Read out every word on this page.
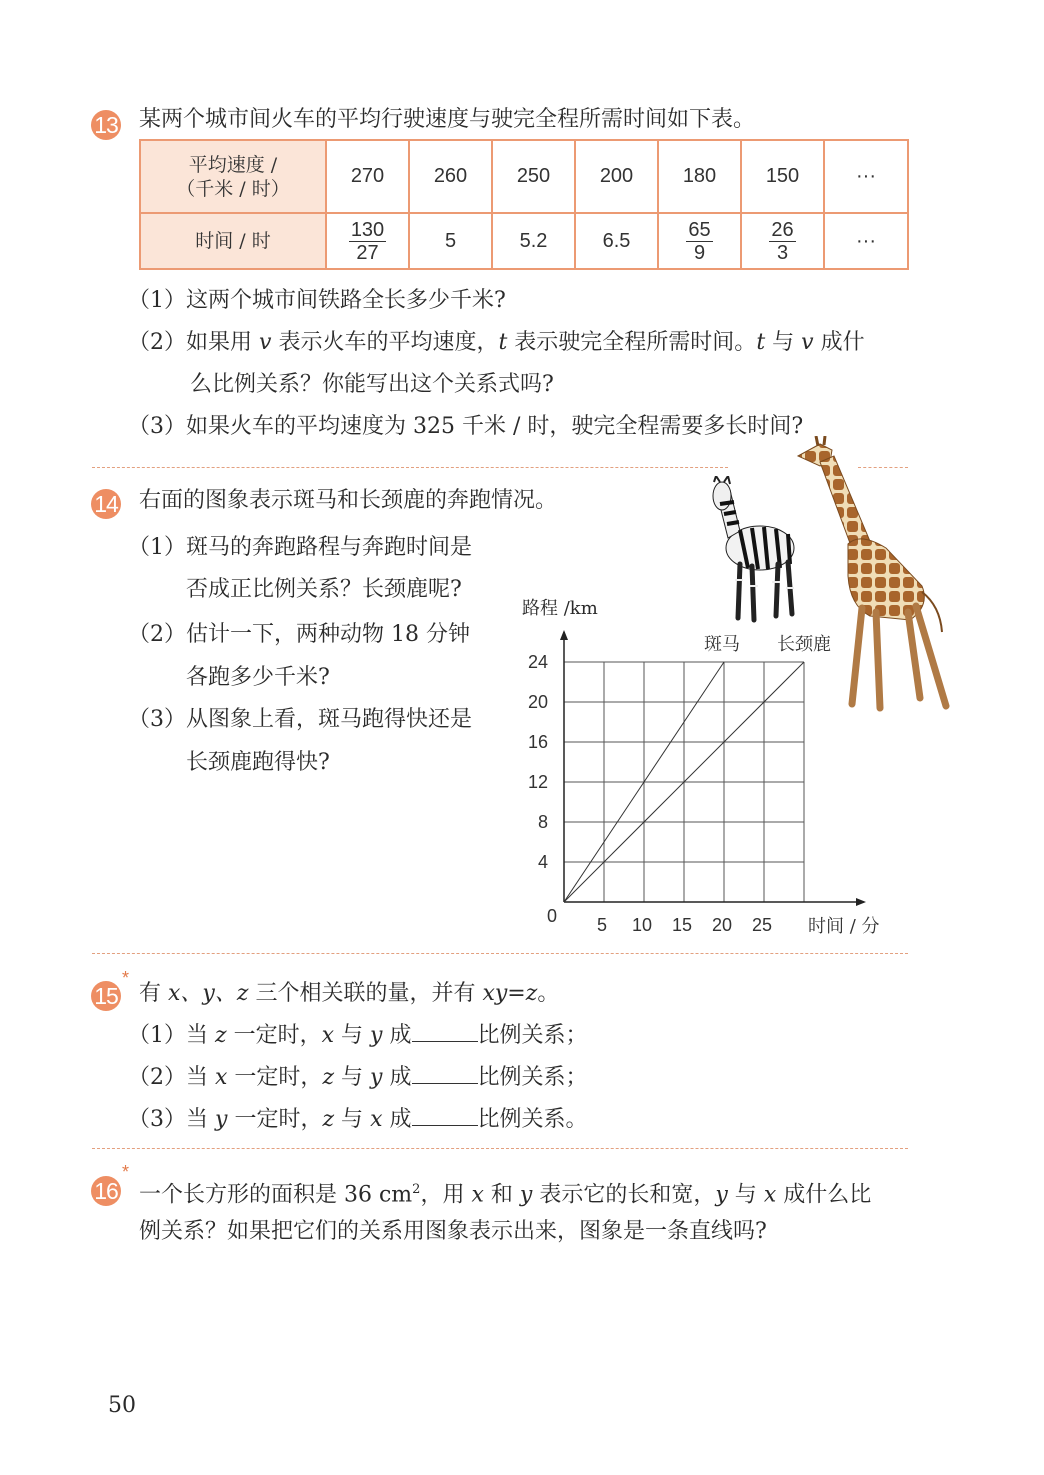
13 某两个城市间火车的平均行驶速度与驶完全程所需时间如下表。
平均速度 /
（千米 / 时）	270	260	250	200	180	150	···
时间 / 时	$\frac{130}{27}$	5	5.2	6.5	$\frac{65}{9}$	$\frac{26}{3}$	···
（1）这两个城市间铁路全长多少千米?
（2）如果用 v 表示火车的平均速度，t 表示驶完全程所需时间。t 与 v 成什
么比例关系？你能写出这个关系式吗?
（3）如果火车的平均速度为 325 千米 / 时，驶完全程需要多长时间?
14 右面的图象表示斑马和长颈鹿的奔跑情况。
（1）斑马的奔跑路程与奔跑时间是
否成正比例关系？长颈鹿呢?
（2）估计一下，两种动物 18 分钟
各跑多少千米?
（3）从图象上看，斑马跑得快还是
长颈鹿跑得快?
路程 /km
4
8
12
16
20
24
5 10 15 20 25
0	时间 / 分
斑马 长颈鹿
*
15 有 x、y、z 三个相关联的量，并有 xy=z。
（1）当 z 一定时，x 与 y 成	比例关系；
（2）当 x 一定时，z 与 y 成	比例关系；
（3）当 y 一定时，z 与 x 成	比例关系。
*
16 一个长方形的面积是 36 $cm^2$，用 x 和 y 表示它的长和宽，y 与 x 成什么比
例关系？如果把它们的关系用图象表示出来，图象是一条直线吗?
50
